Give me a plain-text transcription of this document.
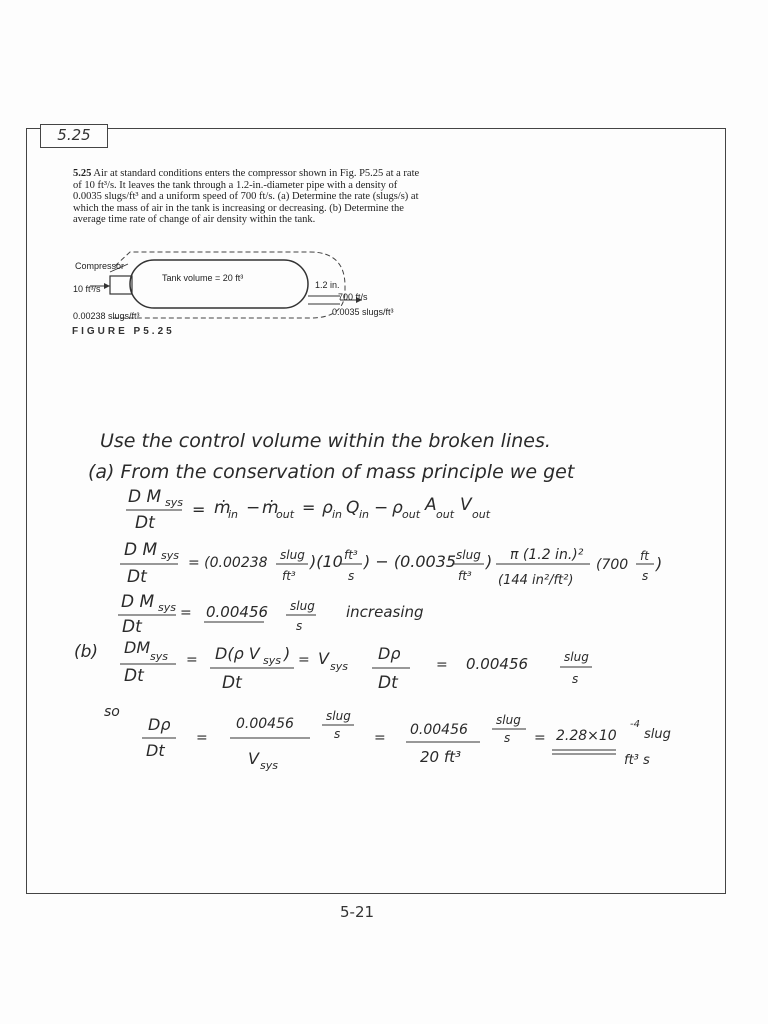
5.25
5.25 Air at standard conditions enters the compressor shown in Fig. P5.25 at a rate of 10 ft³/s. It leaves the tank through a 1.2-in.-diameter pipe with a density of 0.0035 slugs/ft³ and a uniform speed of 700 ft/s. (a) Determine the rate (slugs/s) at which the mass of air in the tank is increasing or decreasing. (b) Determine the average time rate of change of air density within the tank.
Compressor
Tank volume = 20 ft³
10 ft³/s
0.00238 slugs/ft³
1.2 in.
700 ft/s
0.0035 slugs/ft³
FIGURE P5.25
Use the control volume within the broken lines.
(a) From the conservation of mass principle we get
D M sys
Dt
= ṁ
in − ṁ
out = ρ in Q in − ρ out A out V out
D M sys
Dt
= (0.00238 slug
ft³
)(10 ft³
s
) − (0.0035 slug
ft³
) π (1.2 in.)²
(144 in²/ft²)
(700
ft
s
)
D M sys
Dt
= 0.00456 slug
s
increasing
(b) DM sys
Dt
= D(ρ V sys )
Dt
= V sys
Dρ
Dt
= 0.00456	slug
s
so
Dρ
Dt
=
0.00456
V sys
slug
s = 0.00456
20 ft³
slug
s = 2.28×10
-4
slug
ft³ s
5-21
